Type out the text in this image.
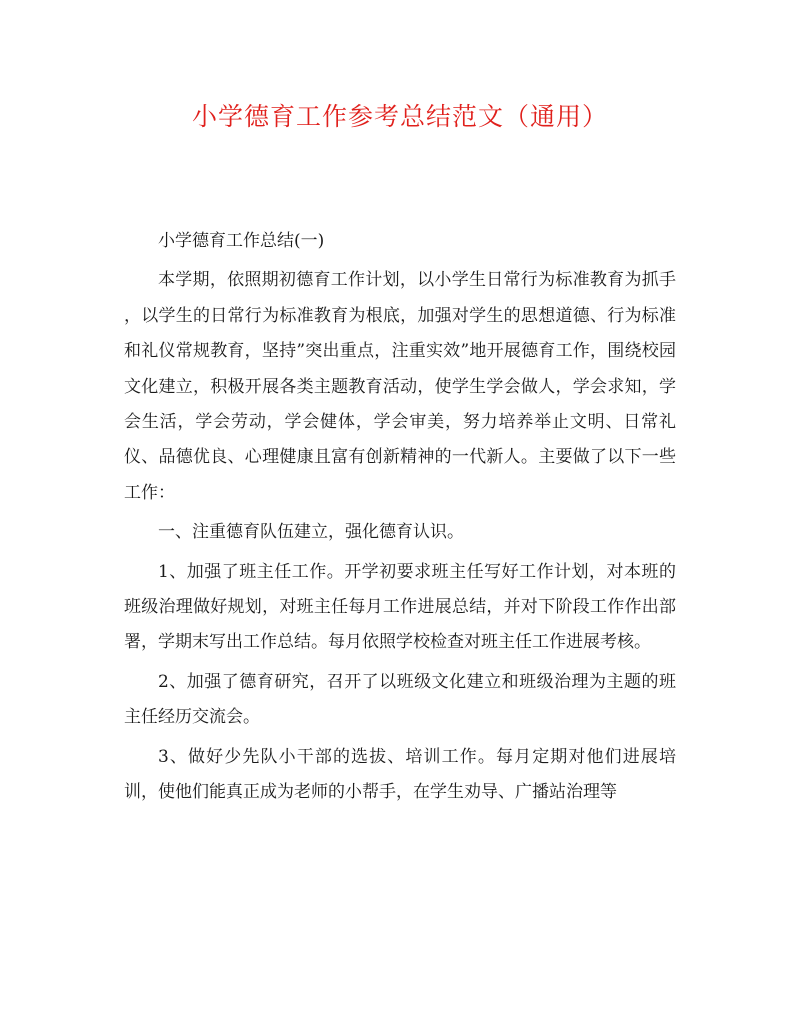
小学德育工作参考总结范文（通用）

小学德育工作总结(一)

本学期，依照期初德育工作计划，以小学生日常行为标准教育为抓手 ，以学生的日常行为标准教育为根底，加强对学生的思想道德、行为标准和礼仪常规教育，坚持”突出重点，注重实效”地开展德育工作，围绕校园文化建立，积极开展各类主题教育活动，使学生学会做人，学会求知，学会生活，学会劳动，学会健体，学会审美，努力培养举止文明、日常礼仪、品德优良、心理健康且富有创新精神的一代新人。主要做了以下一些工作：

一、注重德育队伍建立，强化德育认识。

1、加强了班主任工作。开学初要求班主任写好工作计划，对本班的班级治理做好规划，对班主任每月工作进展总结，并对下阶段工作作出部署，学期末写出工作总结。每月依照学校检查对班主任工作进展考核。

2、加强了德育研究，召开了以班级文化建立和班级治理为主题的班主任经历交流会。

3、做好少先队小干部的选拔、培训工作。每月定期对他们进展培训，使他们能真正成为老师的小帮手，在学生劝导、广播站治理等
